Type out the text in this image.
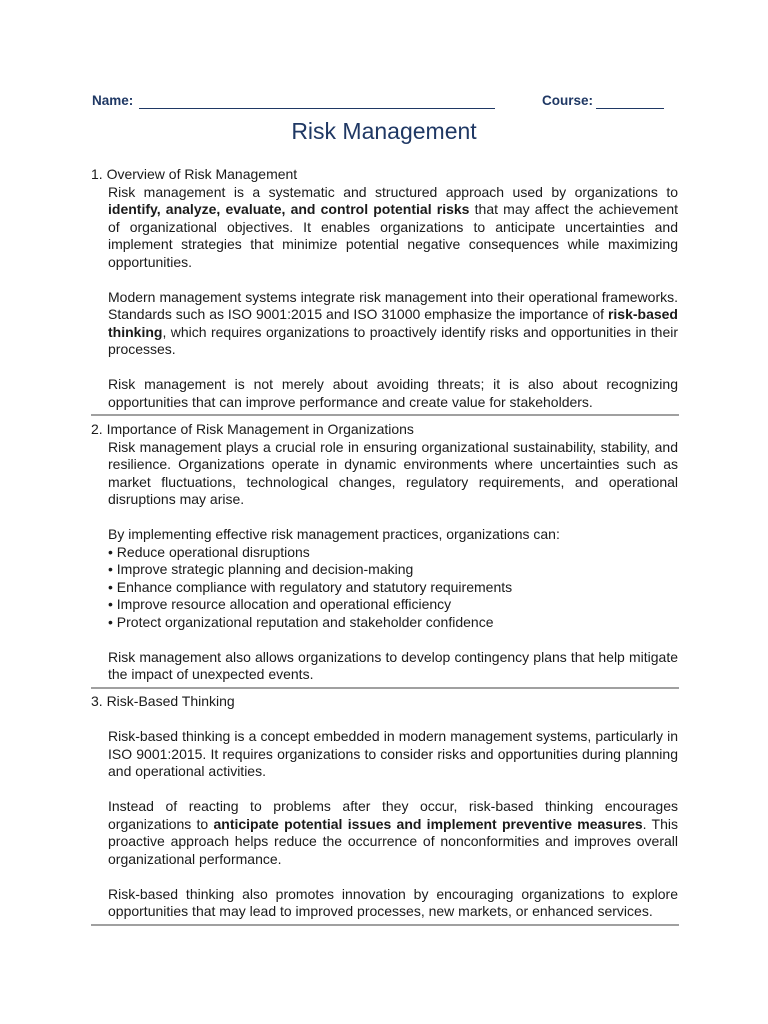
Name:	Course:
Risk Management
1. Overview of Risk Management

Risk management is a systematic and structured approach used by organizations to identify, analyze, evaluate, and control potential risks that may affect the achievement of organizational objectives. It enables organizations to anticipate uncertainties and implement strategies that minimize potential negative consequences while maximizing opportunities.

Modern management systems integrate risk management into their operational frameworks. Standards such as ISO 9001:2015 and ISO 31000 emphasize the importance of risk-based thinking, which requires organizations to proactively identify risks and opportunities in their processes.

Risk management is not merely about avoiding threats; it is also about recognizing opportunities that can improve performance and create value for stakeholders.

2. Importance of Risk Management in Organizations

Risk management plays a crucial role in ensuring organizational sustainability, stability, and resilience. Organizations operate in dynamic environments where uncertainties such as market fluctuations, technological changes, regulatory requirements, and operational disruptions may arise.

By implementing effective risk management practices, organizations can:

• Reduce operational disruptions
• Improve strategic planning and decision-making
• Enhance compliance with regulatory and statutory requirements
• Improve resource allocation and operational efficiency
• Protect organizational reputation and stakeholder confidence

Risk management also allows organizations to develop contingency plans that help mitigate the impact of unexpected events.

3. Risk-Based Thinking

Risk-based thinking is a concept embedded in modern management systems, particularly in ISO 9001:2015. It requires organizations to consider risks and opportunities during planning and operational activities.

Instead of reacting to problems after they occur, risk-based thinking encourages organizations to anticipate potential issues and implement preventive measures. This proactive approach helps reduce the occurrence of nonconformities and improves overall organizational performance.

Risk-based thinking also promotes innovation by encouraging organizations to explore opportunities that may lead to improved processes, new markets, or enhanced services.
